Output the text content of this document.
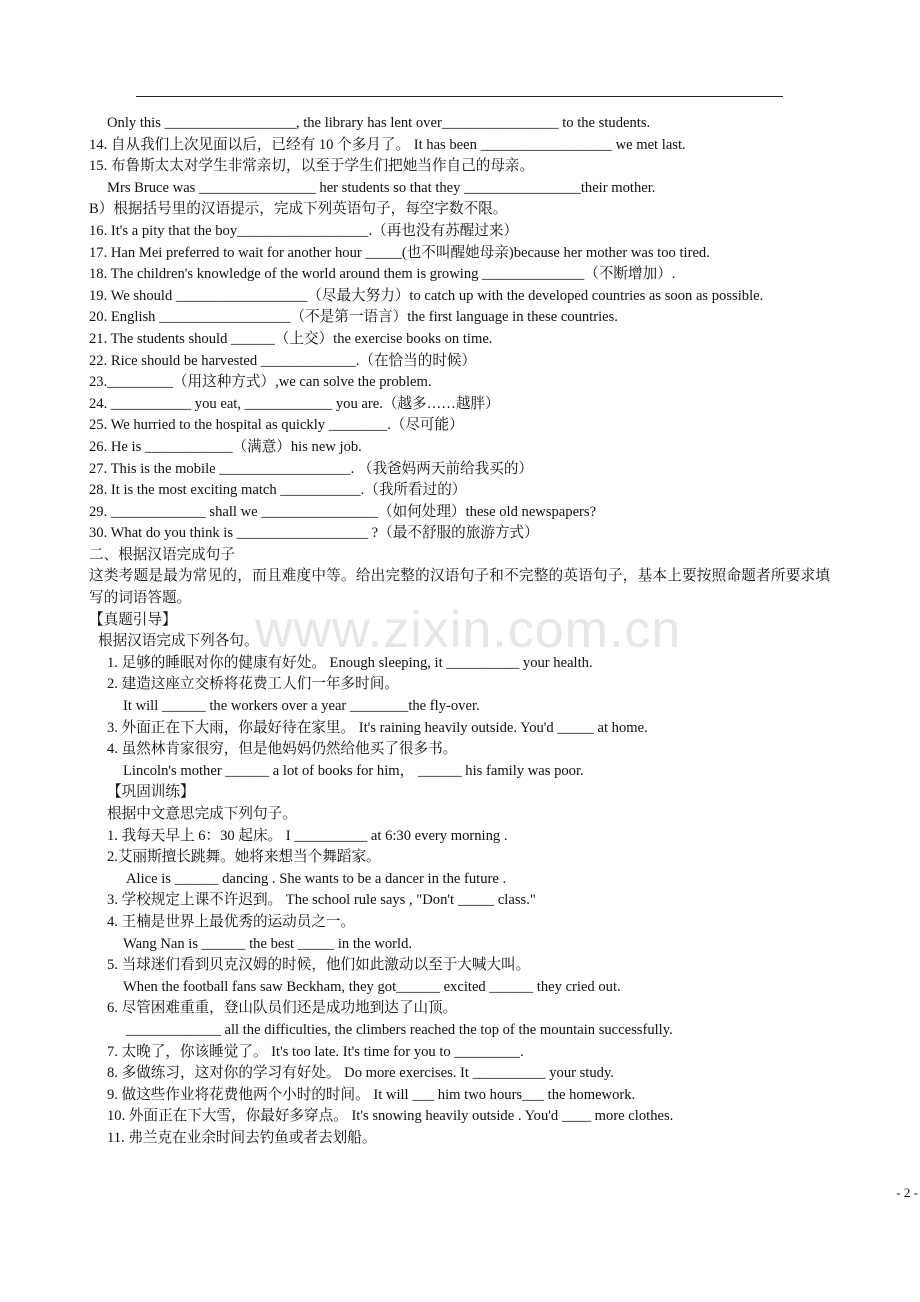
www.zixin.com.cn
Only this __________________, the library has lent over________________ to the students.
14. 自从我们上次见面以后，已经有 10 个多月了。 It has been __________________ we met last.
15. 布鲁斯太太对学生非常亲切，以至于学生们把她当作自己的母亲。
Mrs Bruce was ________________ her students so that they ________________their mother.
B）根据括号里的汉语提示，完成下列英语句子，每空字数不限。
16. It's a pity that the boy__________________.（再也没有苏醒过来）
17. Han Mei preferred to wait for another hour _____(也不叫醒她母亲)because her mother was too tired.
18. The children's knowledge of the world around them is growing ______________（不断增加）.
19. We should __________________（尽最大努力）to catch up with the developed countries as soon as possible.
20. English __________________（不是第一语言）the first language in these countries.
21. The students should ______（上交）the exercise books on time.
22. Rice should be harvested _____________.（在恰当的时候）
23._________（用这种方式）,we can solve the problem.
24. ___________ you eat, ____________ you are.（越多……越胖）
25. We hurried to the hospital as quickly ________.（尽可能）
26. He is ____________（满意）his new job.
27. This is the mobile __________________. （我爸妈两天前给我买的）
28. It is the most exciting match ___________.（我所看过的）
29. _____________ shall we ________________（如何处理）these old newspapers?
30. What do you think is __________________ ?（最不舒服的旅游方式）
二、根据汉语完成句子
这类考题是最为常见的，而且难度中等。给出完整的汉语句子和不完整的英语句子，基本上要按照命题者所要求填写的词语答题。
【真题引导】
根据汉语完成下列各句。
1. 足够的睡眠对你的健康有好处。 Enough sleeping, it __________ your health.
2. 建造这座立交桥将花费工人们一年多时间。
It will ______ the workers over a year ________the fly-over.
3. 外面正在下大雨，你最好待在家里。 It's raining heavily outside. You'd _____ at home.
4. 虽然林肯家很穷，但是他妈妈仍然给他买了很多书。
Lincoln's mother ______ a lot of books for him， ______ his family was poor.
【巩固训练】
根据中文意思完成下列句子。
1. 我每天早上 6：30 起床。 I __________ at 6:30 every morning .
2.艾丽斯擅长跳舞。她将来想当个舞蹈家。
Alice is ______ dancing . She wants to be a dancer in the future .
3. 学校规定上课不许迟到。 The school rule says , "Don't _____ class."
4. 王楠是世界上最优秀的运动员之一。
Wang Nan is ______ the best _____ in the world.
5. 当球迷们看到贝克汉姆的时候，他们如此激动以至于大喊大叫。
When the football fans saw Beckham, they got______ excited ______ they cried out.
6. 尽管困难重重，登山队员们还是成功地到达了山顶。
_____________ all the difficulties, the climbers reached the top of the mountain successfully.
7. 太晚了，你该睡觉了。 It's too late. It's time for you to _________.
8. 多做练习，这对你的学习有好处。 Do more exercises. It __________ your study.
9. 做这些作业将花费他两个小时的时间。 It will ___ him two hours___ the homework.
10. 外面正在下大雪，你最好多穿点。 It's snowing heavily outside . You'd ____ more clothes.
11. 弗兰克在业余时间去钓鱼或者去划船。
- 2 -
